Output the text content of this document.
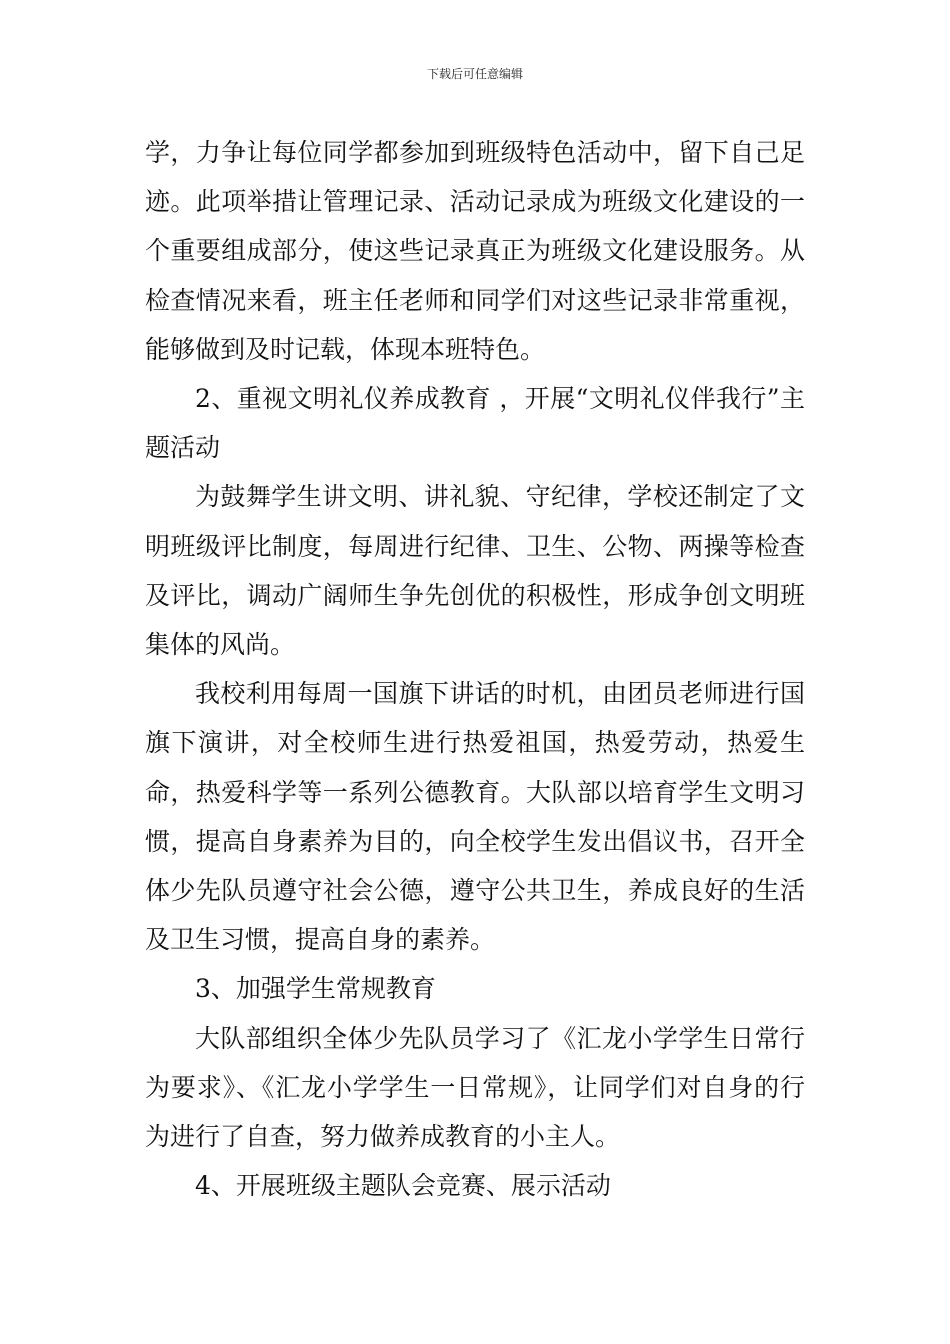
下载后可任意编辑

学，力争让每位同学都参加到班级特色活动中，留下自己足迹。此项举措让管理记录、活动记录成为班级文化建设的一个重要组成部分，使这些记录真正为班级文化建设服务。从检查情况来看，班主任老师和同学们对这些记录非常重视，能够做到及时记载，体现本班特色。

2、重视文明礼仪养成教育 ，开展“文明礼仪伴我行”主题活动

为鼓舞学生讲文明、讲礼貌、守纪律，学校还制定了文明班级评比制度，每周进行纪律、卫生、公物、两操等检查及评比，调动广阔师生争先创优的积极性，形成争创文明班集体的风尚。

我校利用每周一国旗下讲话的时机，由团员老师进行国旗下演讲，对全校师生进行热爱祖国，热爱劳动，热爱生命，热爱科学等一系列公德教育。大队部以培育学生文明习惯，提高自身素养为目的，向全校学生发出倡议书，召开全体少先队员遵守社会公德，遵守公共卫生，养成良好的生活及卫生习惯，提高自身的素养。

3、加强学生常规教育

大队部组织全体少先队员学习了《汇龙小学学生日常行为要求》、《汇龙小学学生一日常规》，让同学们对自身的行为进行了自查，努力做养成教育的小主人。

4、开展班级主题队会竞赛、展示活动
